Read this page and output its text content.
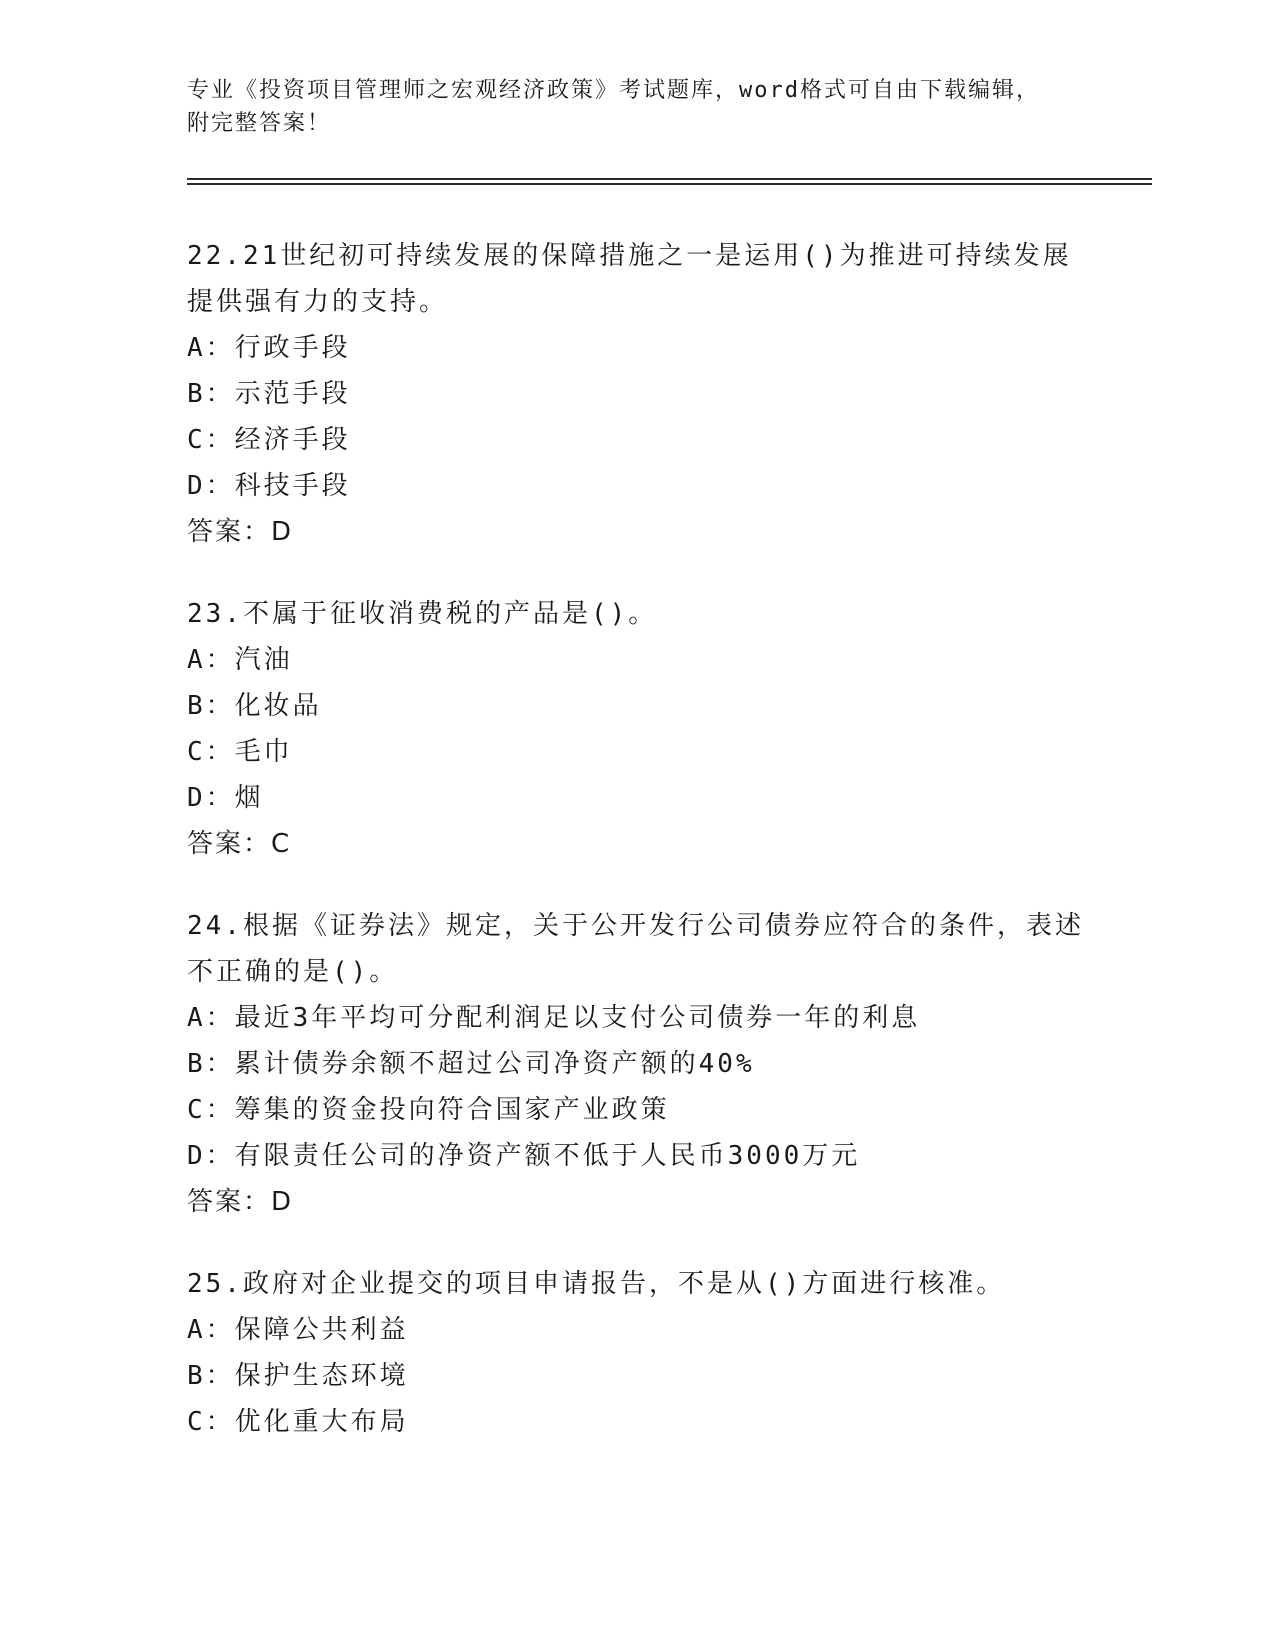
专业《投资项目管理师之宏观经济政策》考试题库，word格式可自由下载编辑，
附完整答案！
22.21世纪初可持续发展的保障措施之一是运用()为推进可持续发展提供强有力的支持。
A：行政手段
B：示范手段
C：经济手段
D：科技手段
答案：D
23.不属于征收消费税的产品是()。
A：汽油
B：化妆品
C：毛巾
D：烟
答案：C
24.根据《证券法》规定，关于公开发行公司债券应符合的条件，表述不正确的是()。
A：最近3年平均可分配利润足以支付公司债券一年的利息
B：累计债券余额不超过公司净资产额的40%
C：筹集的资金投向符合国家产业政策
D：有限责任公司的净资产额不低于人民币3000万元
答案：D
25.政府对企业提交的项目申请报告，不是从()方面进行核准。
A：保障公共利益
B：保护生态环境
C：优化重大布局
